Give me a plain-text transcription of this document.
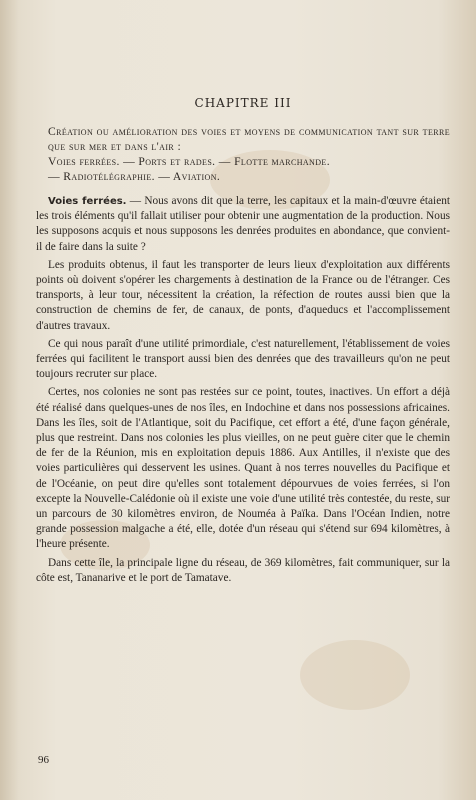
CHAPITRE III

Création ou amélioration des voies et moyens de communication tant sur terre que sur mer et dans l'air :

Voies ferrées. — Ports et rades. — Flotte marchande.

— Radiotélégraphie. — Aviation.

Voies ferrées. — Nous avons dit que la terre, les capitaux et la main-d'œuvre étaient les trois éléments qu'il fallait utiliser pour obtenir une augmentation de la production. Nous les supposons acquis et nous supposons les denrées produites en abondance, que convient-il de faire dans la suite ?

Les produits obtenus, il faut les transporter de leurs lieux d'exploitation aux différents points où doivent s'opérer les chargements à destination de la France ou de l'étranger. Ces transports, à leur tour, nécessitent la création, la réfection de routes aussi bien que la construction de chemins de fer, de canaux, de ponts, d'aqueducs et l'accomplissement d'autres travaux.

Ce qui nous paraît d'une utilité primordiale, c'est naturellement, l'établissement de voies ferrées qui facilitent le transport aussi bien des denrées que des travailleurs qu'on ne peut toujours recruter sur place.

Certes, nos colonies ne sont pas restées sur ce point, toutes, inactives. Un effort a déjà été réalisé dans quelques-unes de nos îles, en Indochine et dans nos possessions africaines. Dans les îles, soit de l'Atlantique, soit du Pacifique, cet effort a été, d'une façon générale, plus que restreint. Dans nos colonies les plus vieilles, on ne peut guère citer que le chemin de fer de la Réunion, mis en exploitation depuis 1886. Aux Antilles, il n'existe que des voies particulières qui desservent les usines. Quant à nos terres nouvelles du Pacifique et de l'Océanie, on peut dire qu'elles sont totalement dépourvues de voies ferrées, si l'on excepte la Nouvelle-Calédonie où il existe une voie d'une utilité très contestée, du reste, sur un parcours de 30 kilomètres environ, de Nouméa à Païka. Dans l'Océan Indien, notre grande possession malgache a été, elle, dotée d'un réseau qui s'étend sur 694 kilomètres, à l'heure présente.

Dans cette île, la principale ligne du réseau, de 369 kilomètres, fait communiquer, sur la côte est, Tananarive et le port de Tamatave.

96
